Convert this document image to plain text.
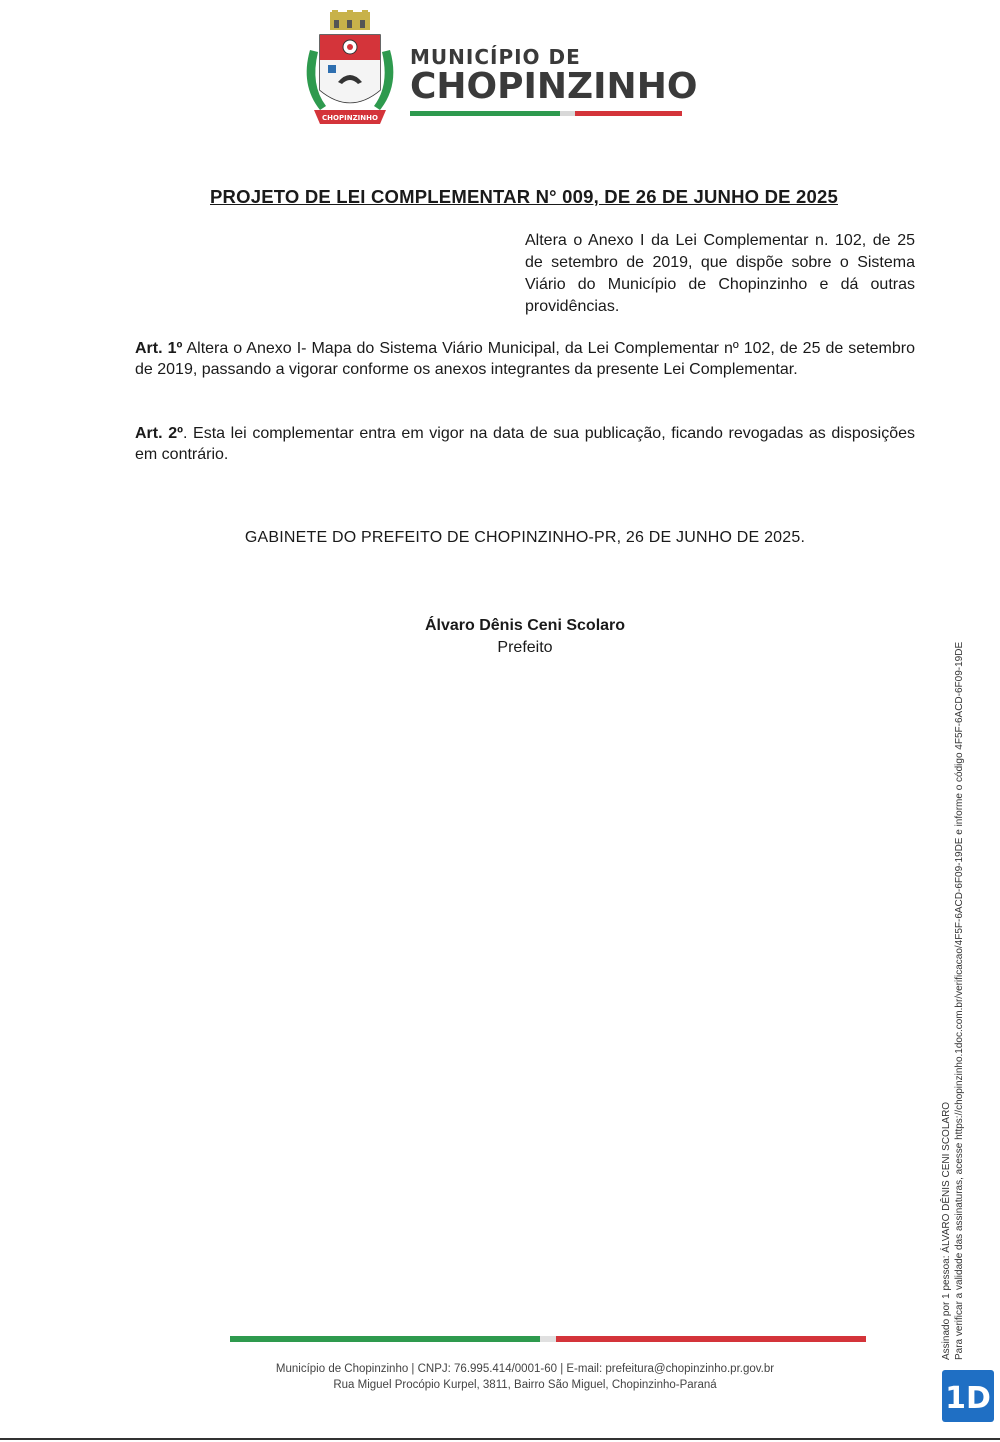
CHOPINZINHO
MUNICÍPIO DE
CHOPINZINHO
PROJETO DE LEI COMPLEMENTAR N° 009, DE 26 DE JUNHO DE 2025
Altera o Anexo I da Lei Complementar n. 102, de 25 de setembro de 2019, que dispõe sobre o Sistema Viário do Município de Chopinzinho e dá outras providências.
Art. 1º Altera o Anexo I- Mapa do Sistema Viário Municipal, da Lei Complementar nº 102, de 25 de setembro de 2019, passando a vigorar conforme os anexos integrantes da presente Lei Complementar.
Art. 2º. Esta lei complementar entra em vigor na data de sua publicação, ficando revogadas as disposições em contrário.
GABINETE DO PREFEITO DE CHOPINZINHO-PR, 26 DE JUNHO DE 2025.
Álvaro Dênis Ceni Scolaro
Prefeito
Município de Chopinzinho | CNPJ: 76.995.414/0001-60 | E-mail: prefeitura@chopinzinho.pr.gov.br
Rua Miguel Procópio Kurpel, 3811, Bairro São Miguel, Chopinzinho-Paraná
Assinado por 1 pessoa: ÁLVARO DÊNIS CENI SCOLARO Para verificar a validade das assinaturas, acesse https://chopinzinho.1doc.com.br/verificacao/4F5F-6ACD-6F09-19DE e informe o código 4F5F-6ACD-6F09-19DE
1D
